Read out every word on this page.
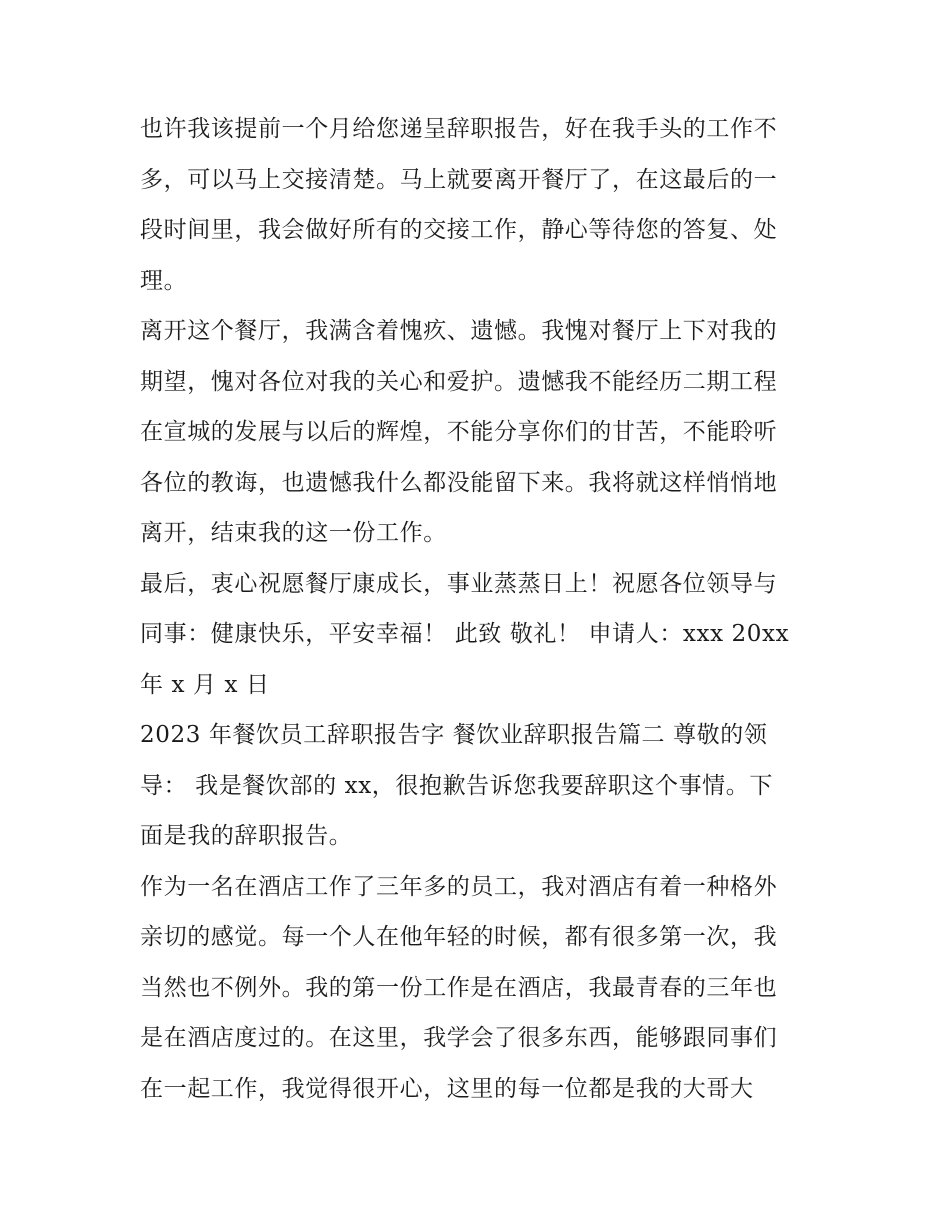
也许我该提前一个月给您递呈辞职报告，好在我手头的工作不
多，可以马上交接清楚。马上就要离开餐厅了，在这最后的一
段时间里，我会做好所有的交接工作，静心等待您的答复、处
理。
离开这个餐厅，我满含着愧疚、遗憾。我愧对餐厅上下对我的
期望，愧对各位对我的关心和爱护。遗憾我不能经历二期工程
在宣城的发展与以后的辉煌，不能分享你们的甘苦，不能聆听
各位的教诲，也遗憾我什么都没能留下来。我将就这样悄悄地
离开，结束我的这一份工作。
最后，衷心祝愿餐厅康成长，事业蒸蒸日上！祝愿各位领导与
同事：健康快乐，平安幸福！ 此致 敬礼！ 申请人：xxx 20xx
年 x 月 x 日
2023 年餐饮员工辞职报告字 餐饮业辞职报告篇二 尊敬的领
导： 我是餐饮部的 xx，很抱歉告诉您我要辞职这个事情。下
面是我的辞职报告。
作为一名在酒店工作了三年多的员工，我对酒店有着一种格外
亲切的感觉。每一个人在他年轻的时候，都有很多第一次，我
当然也不例外。我的第一份工作是在酒店，我最青春的三年也
是在酒店度过的。在这里，我学会了很多东西，能够跟同事们
在一起工作，我觉得很开心，这里的每一位都是我的大哥大
